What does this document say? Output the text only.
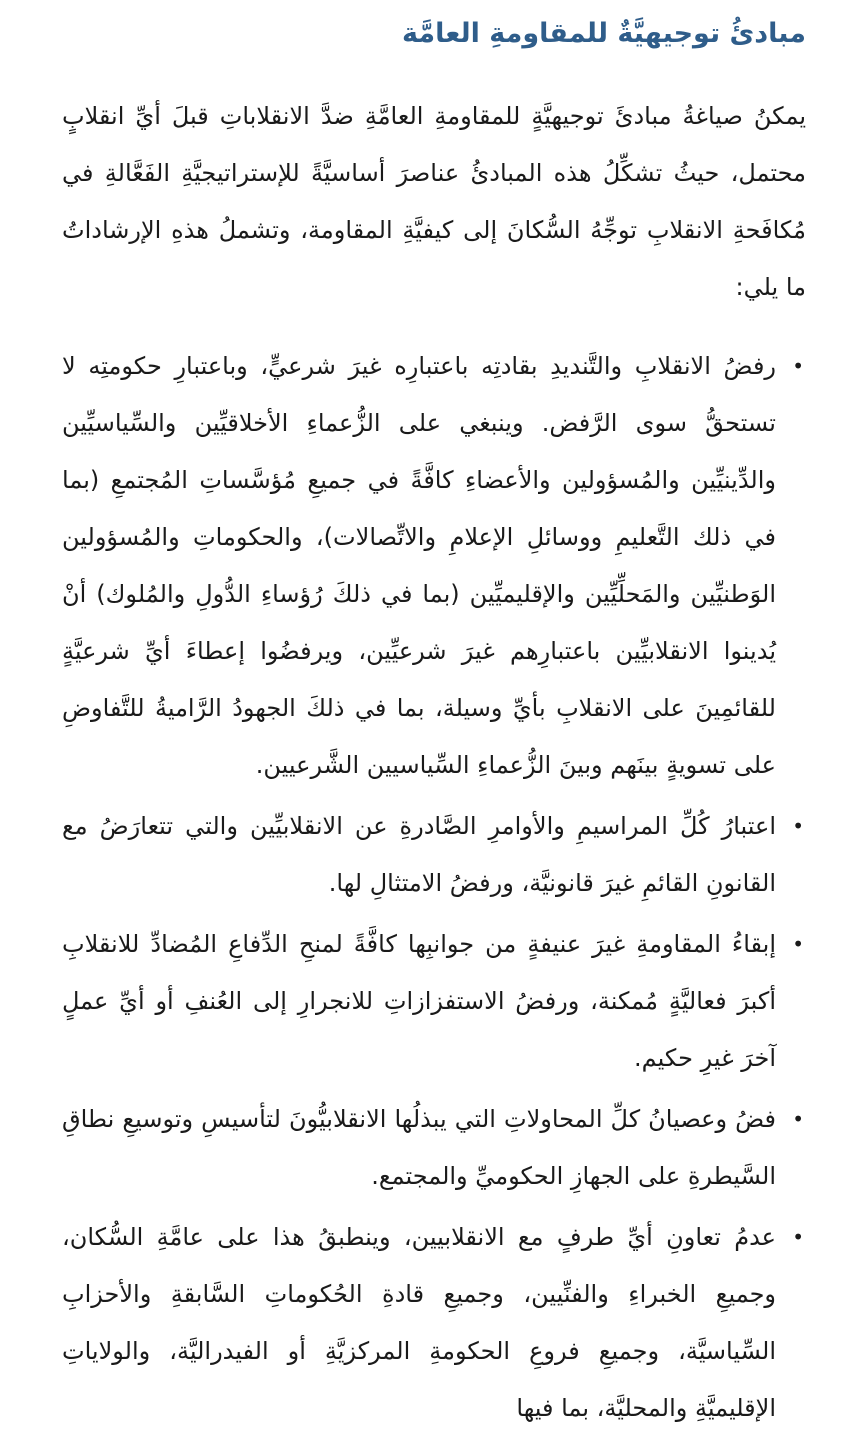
مبادئُ توجيهيَّةٌ للمقاومةِ العامَّة

يمكنُ صياغةُ مبادئَ توجيهيَّةٍ للمقاومةِ العامَّةِ ضدَّ الانقلاباتِ قبلَ أيِّ انقلابٍ محتمل، حيثُ تشكِّلُ هذه المبادئُ عناصرَ أساسيَّةً للإستراتيجيَّةِ الفَعَّالةِ في مُكافَحةِ الانقلابِ توجِّهُ السُّكانَ إلى كيفيَّةِ المقاومة، وتشملُ هذهِ الإرشاداتُ ما يلي:

•
رفضُ الانقلابِ والتَّنديدِ بقادتِه باعتبارِه غيرَ شرعيٍّ، وباعتبارِ حكومتِه لا تستحقُّ سوى الرَّفض. وينبغي على الزُّعماءِ الأخلاقيِّين والسِّياسيِّين والدِّينيِّين والمُسؤولين والأعضاءِ كافَّةً في جميعِ مُؤسَّساتِ المُجتمعِ (بما في ذلك التَّعليمِ ووسائلِ الإعلامِ والاتِّصالات)، والحكوماتِ والمُسؤولين الوَطنيِّين والمَحلِّيِّين والإقليميِّين (بما في ذلكَ رُؤساءِ الدُّولِ والمُلوك) أنْ يُدينوا الانقلابيِّين باعتبارِهم غيرَ شرعيِّين، ويرفضُوا إعطاءَ أيِّ شرعيَّةٍ للقائمِينَ على الانقلابِ بأيِّ وسيلة، بما في ذلكَ الجهودُ الرَّاميةُ للتَّفاوضِ على تسويةٍ بينَهم وبينَ الزُّعماءِ السِّياسيين الشَّرعيين.
•
اعتبارُ كُلِّ المراسيمِ والأوامرِ الصَّادرةِ عن الانقلابيِّين والتي تتعارَضُ مع القانونِ القائمِ غيرَ قانونيَّة، ورفضُ الامتثالِ لها.
•
إبقاءُ المقاومةِ غيرَ عنيفةٍ من جوانبِها كافَّةً لمنحِ الدِّفاعِ المُضادِّ للانقلابِ أكبرَ فعاليَّةٍ مُمكنة، ورفضُ الاستفزازاتِ للانجرارِ إلى العُنفِ أو أيِّ عملٍ آخرَ غيرِ حكيم.
•
فضُ وعصيانُ كلِّ المحاولاتِ التي يبذلُها الانقلابيُّونَ لتأسيسِ وتوسيعِ نطاقِ السَّيطرةِ على الجهازِ الحكوميِّ والمجتمع.
•
عدمُ تعاونِ أيِّ طرفٍ مع الانقلابيين، وينطبقُ هذا على عامَّةِ السُّكان، وجميعِ الخبراءِ والفنِّيين، وجميعِ قادةِ الحُكوماتِ السَّابقةِ والأحزابِ السِّياسيَّة، وجميعِ فروعِ الحكومةِ المركزيَّةِ أو الفيدراليَّة، والولاياتِ الإقليميَّةِ والمحليَّة، بما فيها
